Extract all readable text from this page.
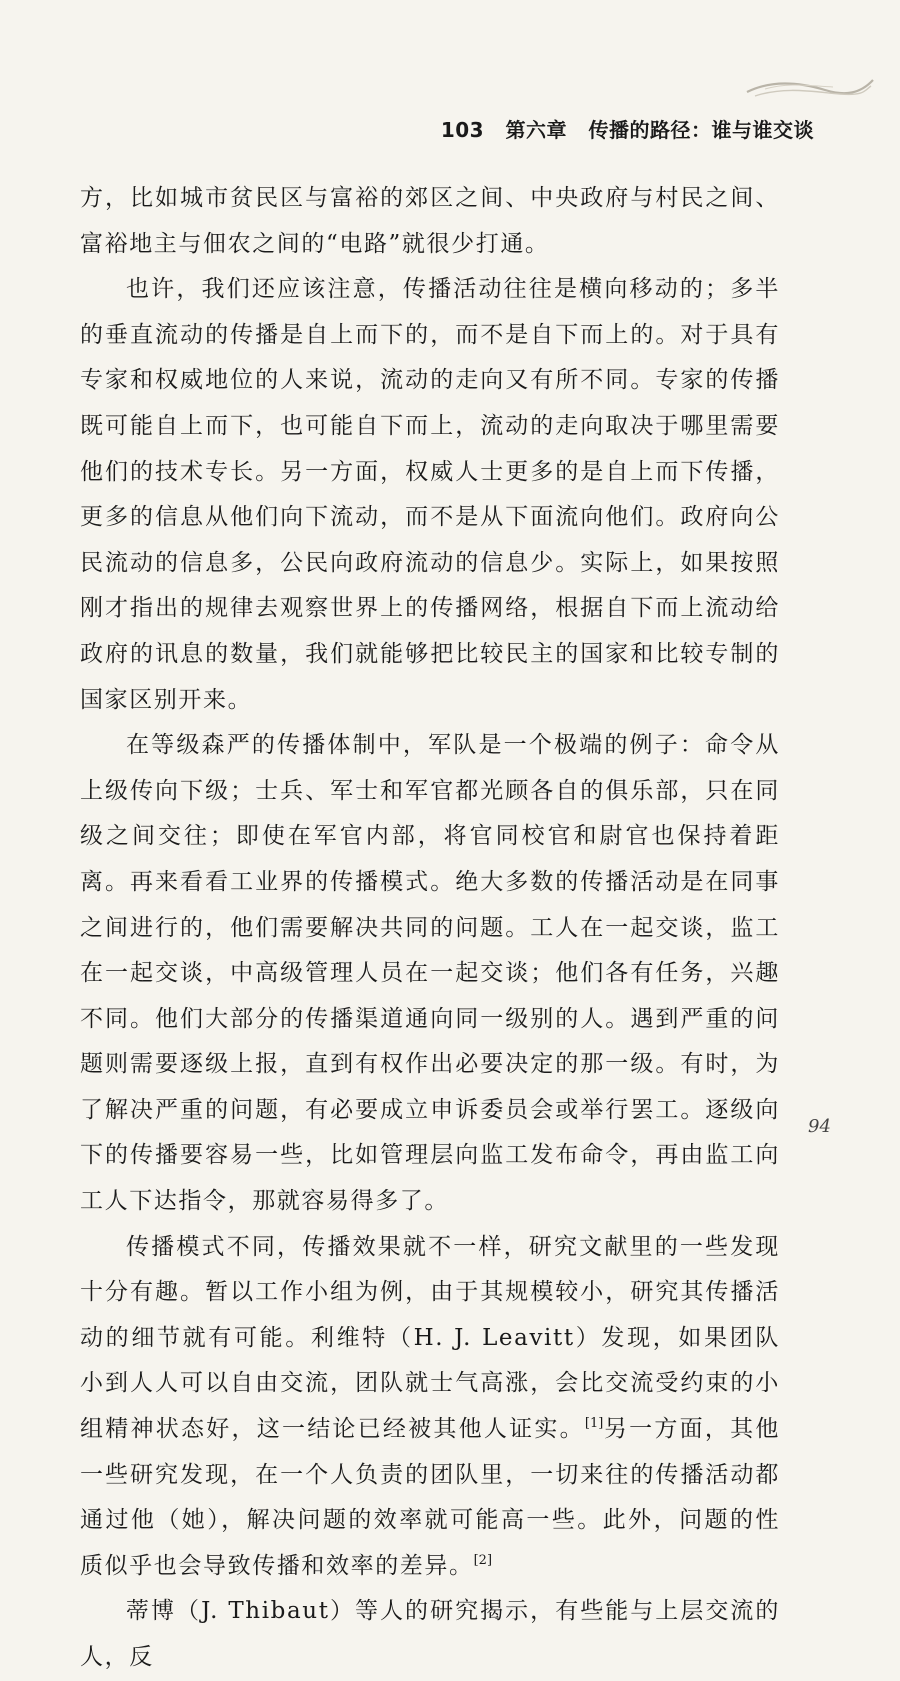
103 第六章 传播的路径：谁与谁交谈

方，比如城市贫民区与富裕的郊区之间、中央政府与村民之间、富裕地主与佃农之间的“电路”就很少打通。

也许，我们还应该注意，传播活动往往是横向移动的；多半的垂直流动的传播是自上而下的，而不是自下而上的。对于具有专家和权威地位的人来说，流动的走向又有所不同。专家的传播既可能自上而下，也可能自下而上，流动的走向取决于哪里需要他们的技术专长。另一方面，权威人士更多的是自上而下传播，更多的信息从他们向下流动，而不是从下面流向他们。政府向公民流动的信息多，公民向政府流动的信息少。实际上，如果按照刚才指出的规律去观察世界上的传播网络，根据自下而上流动给政府的讯息的数量，我们就能够把比较民主的国家和比较专制的国家区别开来。

在等级森严的传播体制中，军队是一个极端的例子：命令从上级传向下级；士兵、军士和军官都光顾各自的俱乐部，只在同级之间交往；即使在军官内部，将官同校官和尉官也保持着距离。再来看看工业界的传播模式。绝大多数的传播活动是在同事之间进行的，他们需要解决共同的问题。工人在一起交谈，监工在一起交谈，中高级管理人员在一起交谈；他们各有任务，兴趣不同。他们大部分的传播渠道通向同一级别的人。遇到严重的问题则需要逐级上报，直到有权作出必要决定的那一级。有时，为了解决严重的问题，有必要成立申诉委员会或举行罢工。逐级向下的传播要容易一些，比如管理层向监工发布命令，再由监工向工人下达指令，那就容易得多了。

传播模式不同，传播效果就不一样，研究文献里的一些发现十分有趣。暂以工作小组为例，由于其规模较小，研究其传播活动的细节就有可能。利维特（H. J. Leavitt）发现，如果团队小到人人可以自由交流，团队就士气高涨，会比交流受约束的小组精神状态好，这一结论已经被其他人证实。[1]另一方面，其他一些研究发现，在一个人负责的团队里，一切来往的传播活动都通过他（她），解决问题的效率就可能高一些。此外，问题的性质似乎也会导致传播和效率的差异。[2]

蒂博（J. Thibaut）等人的研究揭示，有些能与上层交流的人，反

94
